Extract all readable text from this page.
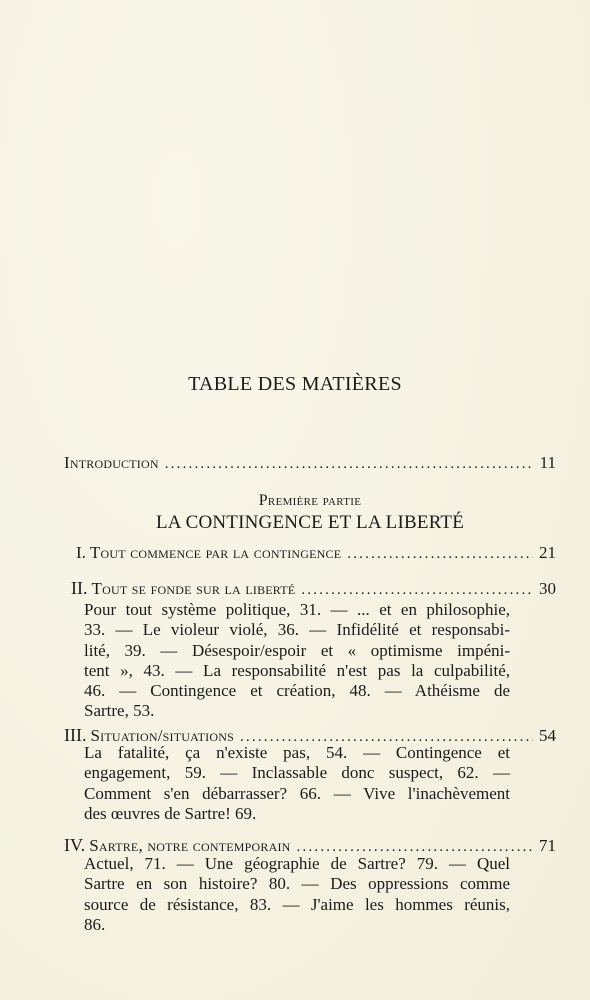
TABLE DES MATIÈRES
Introduction .....	11
Première partie
LA CONTINGENCE ET LA LIBERTÉ
I. Tout commence par la contingence .....	21
II. Tout se fonde sur la liberté .....	30
Pour tout système politique, 31. — ... et en philosophie,
33. — Le violeur violé, 36. — Infidélité et responsabi-
lité, 39. — Désespoir/espoir et « optimisme impéni-
tent », 43. — La responsabilité n'est pas la culpabilité,
46. — Contingence et création, 48. — Athéisme de
Sartre, 53.
III. Situation/situations .....	54
La fatalité, ça n'existe pas, 54. — Contingence et
engagement, 59. — Inclassable donc suspect, 62. —
Comment s'en débarrasser? 66. — Vive l'inachèvement
des œuvres de Sartre! 69.
IV. Sartre, notre contemporain .....	71
Actuel, 71. — Une géographie de Sartre? 79. — Quel
Sartre en son histoire? 80. — Des oppressions comme
source de résistance, 83. — J'aime les hommes réunis,
86.
